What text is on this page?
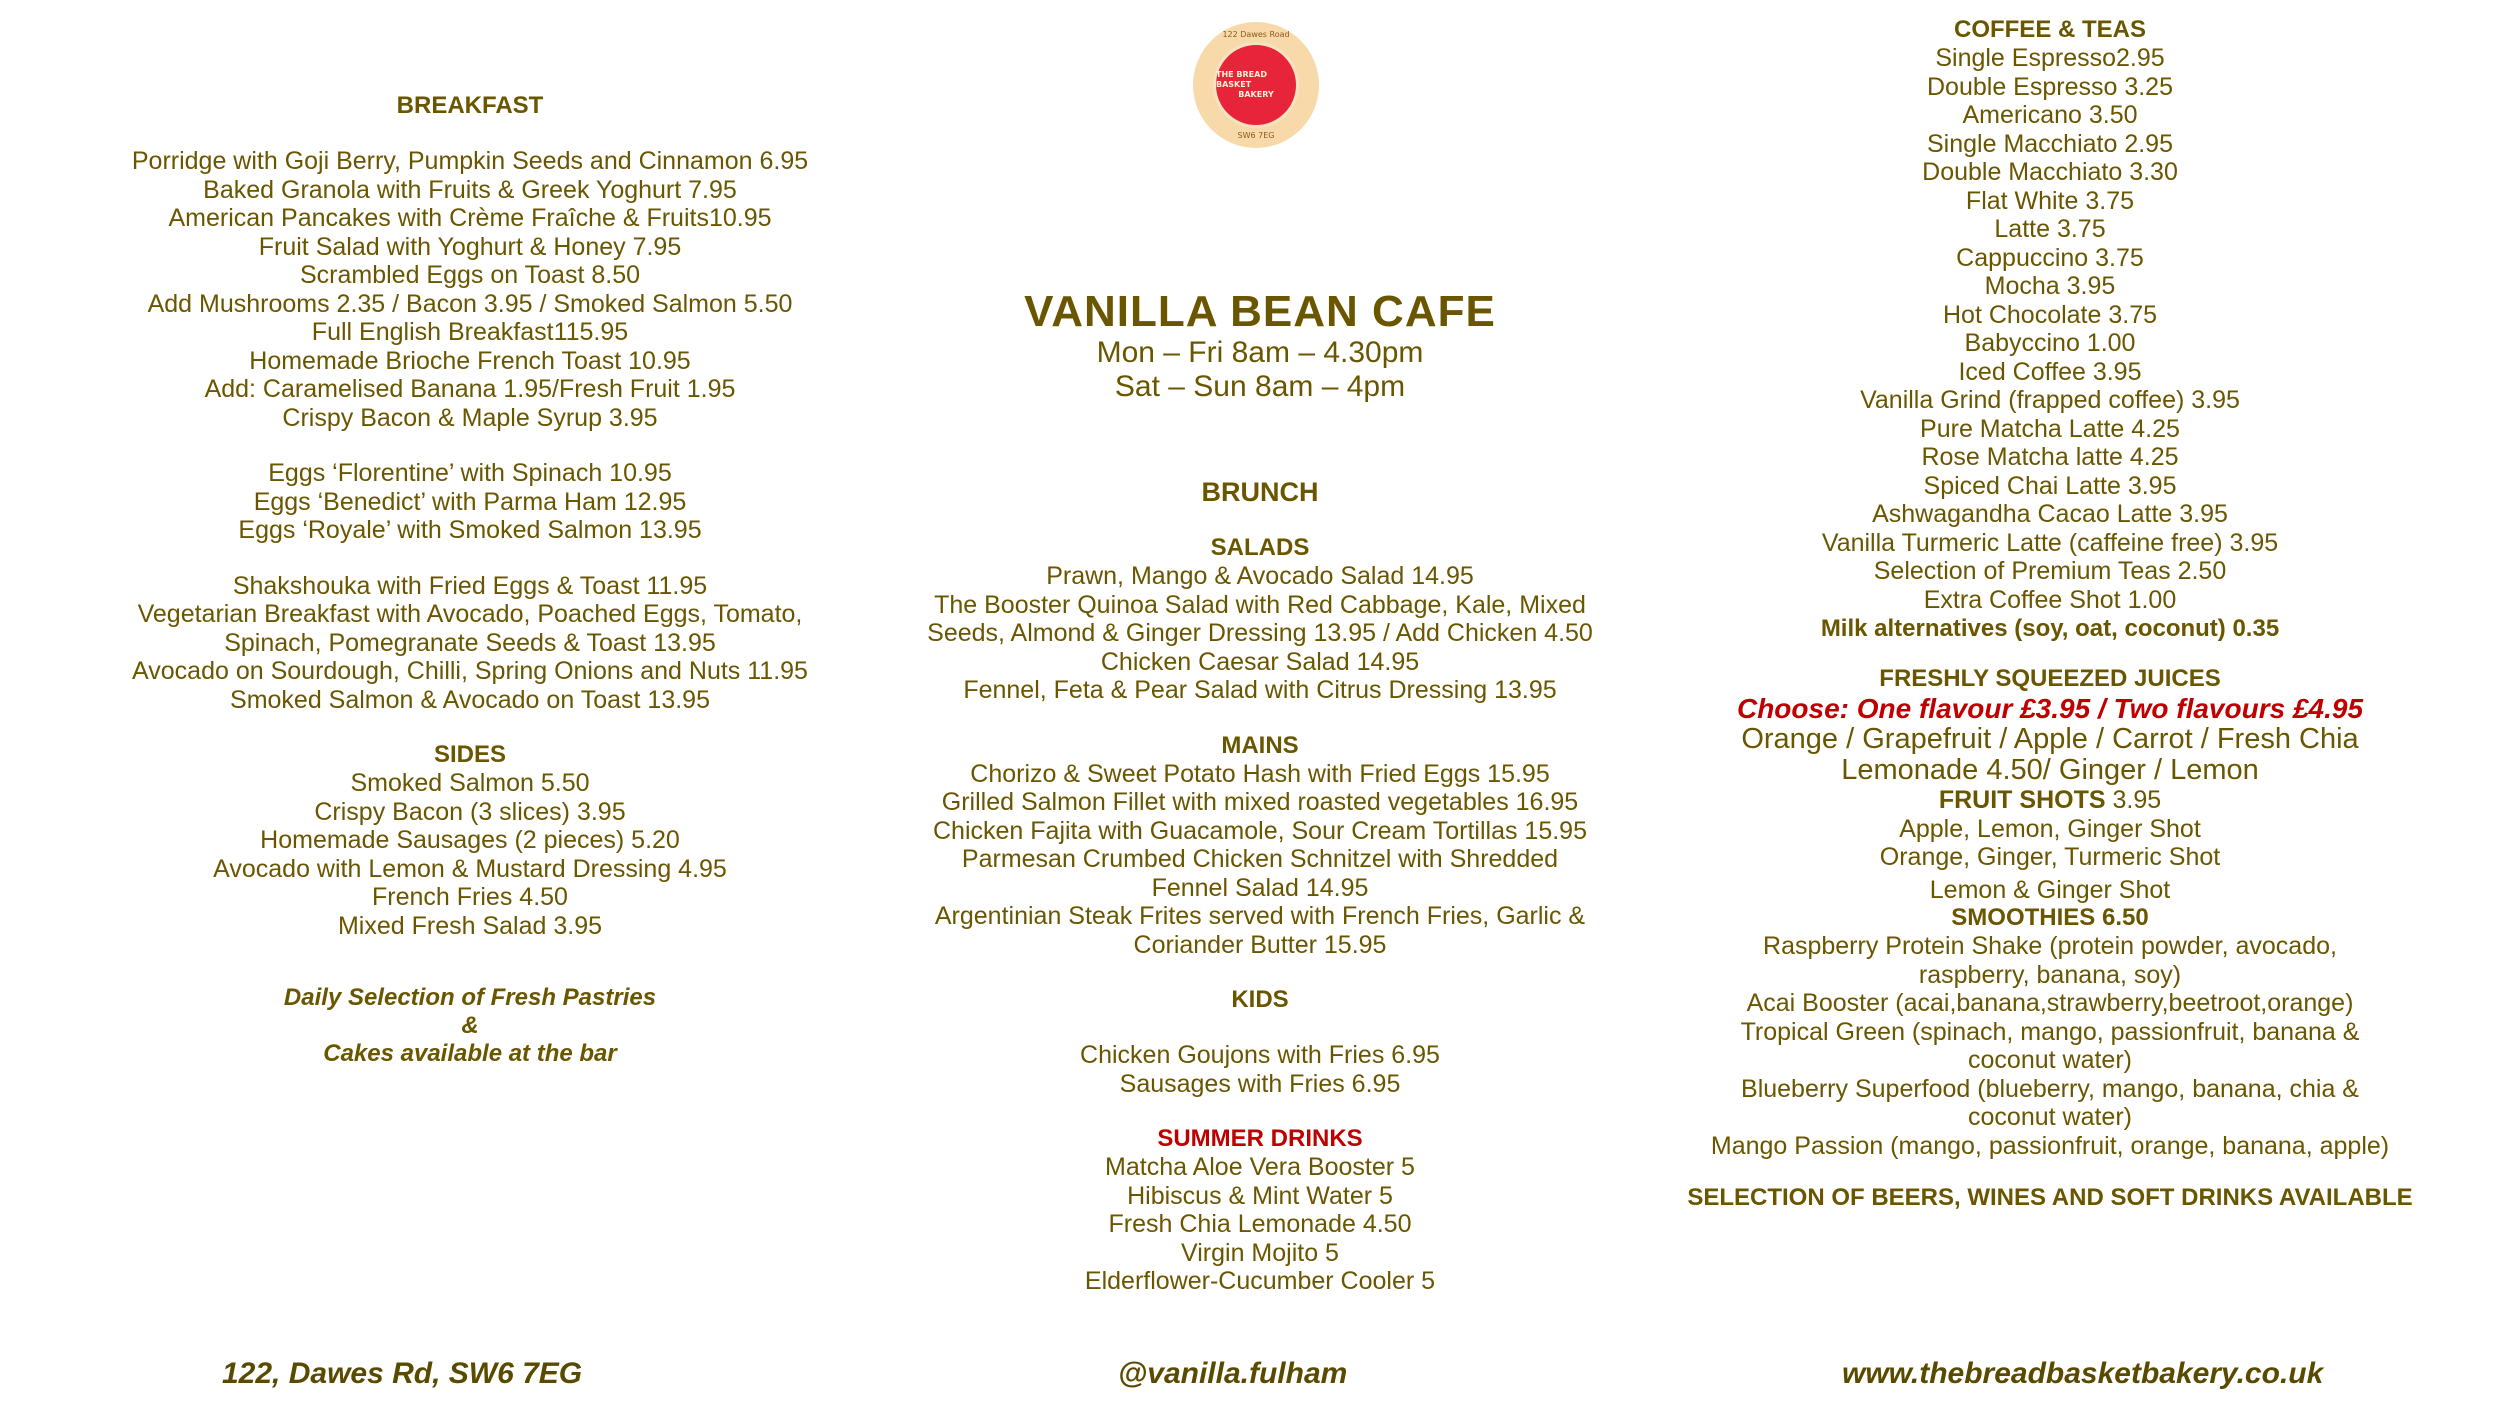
122 Dawes Road
THE BREAD BASKET
BAKERY
SW6 7EG

BREAKFAST

Porridge with Goji Berry, Pumpkin Seeds and Cinnamon 6.95

Baked Granola with Fruits & Greek Yoghurt 7.95

American Pancakes with Crème Fraîche & Fruits10.95

Fruit Salad with Yoghurt & Honey 7.95

Scrambled Eggs on Toast 8.50

Add Mushrooms 2.35 / Bacon 3.95 / Smoked Salmon 5.50

Full English Breakfast115.95

Homemade Brioche French Toast 10.95

Add: Caramelised Banana 1.95/Fresh Fruit 1.95

Crispy Bacon & Maple Syrup 3.95

Eggs ‘Florentine’ with Spinach 10.95

Eggs ‘Benedict’ with Parma Ham 12.95

Eggs ‘Royale’ with Smoked Salmon 13.95

Shakshouka with Fried Eggs & Toast 11.95

Vegetarian Breakfast with Avocado, Poached Eggs, Tomato,

Spinach, Pomegranate Seeds & Toast 13.95

Avocado on Sourdough, Chilli, Spring Onions and Nuts 11.95

Smoked Salmon & Avocado on Toast 13.95

SIDES

Smoked Salmon 5.50

Crispy Bacon (3 slices) 3.95

Homemade Sausages (2 pieces) 5.20

Avocado with Lemon & Mustard Dressing 4.95

French Fries 4.50

Mixed Fresh Salad 3.95

Daily Selection of Fresh Pastries

&

Cakes available at the bar

VANILLA BEAN CAFE

Mon – Fri 8am – 4.30pm

Sat – Sun 8am – 4pm

BRUNCH

SALADS

Prawn, Mango & Avocado Salad 14.95

The Booster Quinoa Salad with Red Cabbage, Kale, Mixed

Seeds, Almond & Ginger Dressing 13.95 / Add Chicken 4.50

Chicken Caesar Salad 14.95

Fennel, Feta & Pear Salad with Citrus Dressing 13.95

MAINS

Chorizo & Sweet Potato Hash with Fried Eggs 15.95

Grilled Salmon Fillet with mixed roasted vegetables 16.95

Chicken Fajita with Guacamole, Sour Cream Tortillas 15.95

Parmesan Crumbed Chicken Schnitzel with Shredded

Fennel Salad 14.95

Argentinian Steak Frites served with French Fries, Garlic &

Coriander Butter 15.95

KIDS

Chicken Goujons with Fries 6.95

Sausages with Fries 6.95

SUMMER DRINKS

Matcha Aloe Vera Booster 5

Hibiscus & Mint Water 5

Fresh Chia Lemonade 4.50

Virgin Mojito 5

Elderflower-Cucumber Cooler 5

COFFEE & TEAS

Single Espresso2.95

Double Espresso 3.25

Americano 3.50

Single Macchiato 2.95

Double Macchiato 3.30

Flat White 3.75

Latte 3.75

Cappuccino 3.75

Mocha 3.95

Hot Chocolate 3.75

Babyccino 1.00

Iced Coffee 3.95

Vanilla Grind (frapped coffee) 3.95

Pure Matcha Latte 4.25

Rose Matcha latte 4.25

Spiced Chai Latte 3.95

Ashwagandha Cacao Latte 3.95

Vanilla Turmeric Latte (caffeine free) 3.95

Selection of Premium Teas 2.50

Extra Coffee Shot 1.00

Milk alternatives (soy, oat, coconut) 0.35

FRESHLY SQUEEZED JUICES

Choose: One flavour £3.95 / Two flavours £4.95

Orange / Grapefruit / Apple / Carrot / Fresh Chia

Lemonade 4.50/ Ginger / Lemon

FRUIT SHOTS 3.95

Apple, Lemon, Ginger Shot

Orange, Ginger, Turmeric Shot

Lemon & Ginger Shot

SMOOTHIES 6.50

Raspberry Protein Shake (protein powder, avocado,

raspberry, banana, soy)

Acai Booster (acai,banana,strawberry,beetroot,orange)

Tropical Green (spinach, mango, passionfruit, banana &

coconut water)

Blueberry Superfood (blueberry, mango, banana, chia &

coconut water)

Mango Passion (mango, passionfruit, orange, banana, apple)

SELECTION OF BEERS, WINES AND SOFT DRINKS AVAILABLE

122, Dawes Rd, SW6 7EG	@vanilla.fulham	www.thebreadbasketbakery.co.uk
